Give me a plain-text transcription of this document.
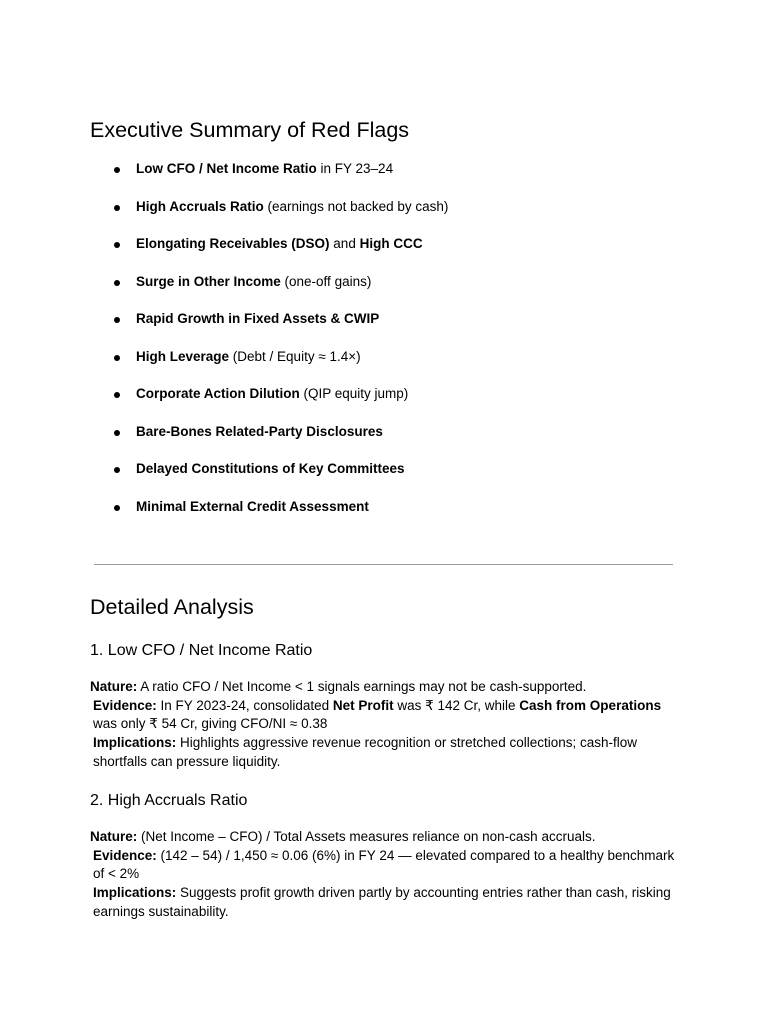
Executive Summary of Red Flags
Low CFO / Net Income Ratio in FY 23–24
High Accruals Ratio (earnings not backed by cash)
Elongating Receivables (DSO) and High CCC
Surge in Other Income (one‑off gains)
Rapid Growth in Fixed Assets & CWIP
High Leverage (Debt / Equity ≈ 1.4×)
Corporate Action Dilution (QIP equity jump)
Bare‑Bones Related‑Party Disclosures
Delayed Constitutions of Key Committees
Minimal External Credit Assessment
Detailed Analysis
1. Low CFO / Net Income Ratio
Nature: A ratio CFO / Net Income < 1 signals earnings may not be cash‑supported.
Evidence: In FY 2023‑24, consolidated Net Profit was ₹ 142 Cr, while Cash from Operations was only ₹ 54 Cr, giving CFO/NI ≈ 0.38
Implications: Highlights aggressive revenue recognition or stretched collections; cash‑flow shortfalls can pressure liquidity.
2. High Accruals Ratio
Nature: (Net Income – CFO) / Total Assets measures reliance on non‑cash accruals.
Evidence: (142 – 54) / 1,450 ≈ 0.06 (6%) in FY 24 — elevated compared to a healthy benchmark of < 2%
Implications: Suggests profit growth driven partly by accounting entries rather than cash, risking earnings sustainability.
